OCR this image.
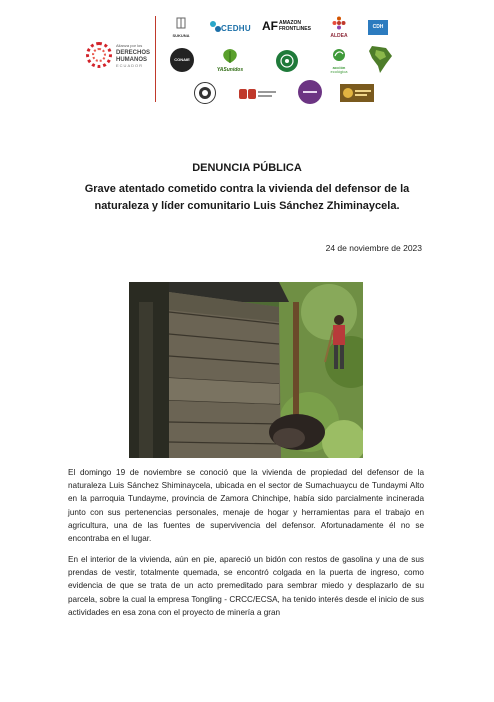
Alianza por los
DERECHOS
HUMANOS
ECUADOR
SUKUNA
CEDHU AF AMAZON
FRONTLINES
ALDEA
CDH
CONAIE
YASunidos	acción
ecológica
DENUNCIA PÚBLICA
Grave atentado cometido contra la vivienda del defensor de la naturaleza y líder comunitario Luis Sánchez Zhiminaycela.
24 de noviembre de 2023
El domingo 19 de noviembre se conoció que la vivienda de propiedad del defensor de la naturaleza Luis Sánchez Shiminaycela, ubicada en el sector de Sumachuaycu de Tundaymi Alto en la parroquia Tundayme, provincia de Zamora Chinchipe, había sido parcialmente incinerada junto con sus pertenencias personales, menaje de hogar y herramientas para el trabajo en agricultura, una de las fuentes de supervivencia del defensor. Afortunadamente él no se encontraba en el lugar.
En el interior de la vivienda, aún en pie, apareció un bidón con restos de gasolina y una de sus prendas de vestir, totalmente quemada, se encontró colgada en la puerta de ingreso, como evidencia de que se trata de un acto premeditado para sembrar miedo y desplazarlo de su parcela, sobre la cual la empresa Tongling - CRCC/ECSA, ha tenido interés desde el inicio de sus actividades en esa zona con el proyecto de minería a gran
